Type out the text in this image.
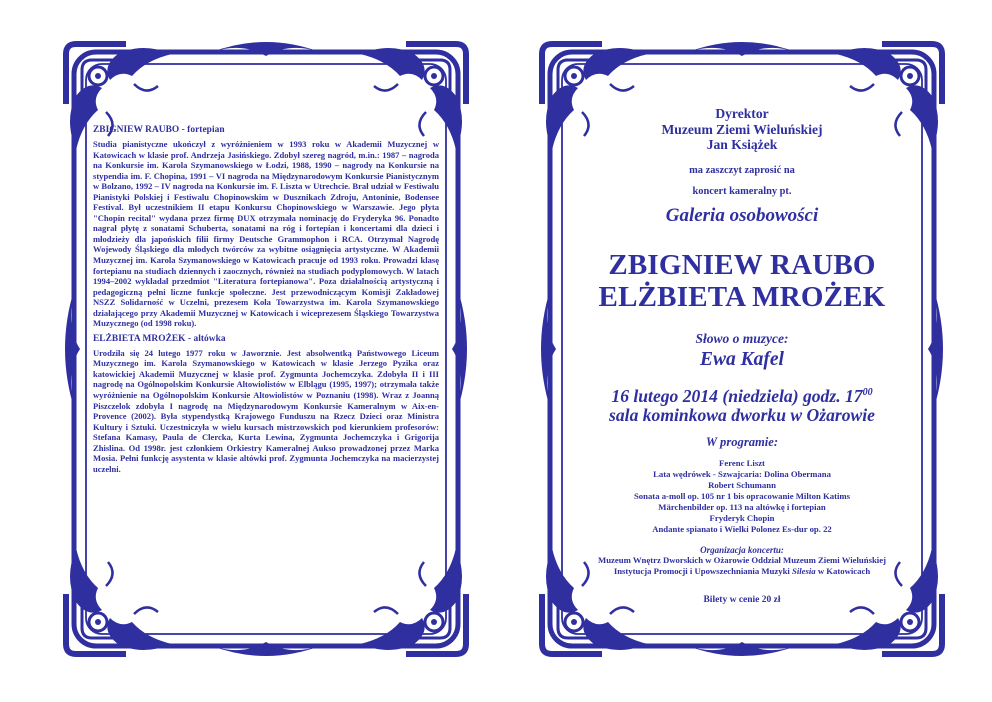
ZBIGNIEW RAUBO - fortepian

Studia pianistyczne ukończył z wyróżnieniem w 1993 roku w Akademii Muzycznej w Katowicach w klasie prof. Andrzeja Jasińskiego. Zdobył szereg nagród, m.in.: 1987 – nagroda na Konkursie im. Karola Szymanowskiego w Łodzi, 1988, 1990 – nagrody na Konkursie na stypendia im. F. Chopina, 1991 – VI nagroda na Międzynarodowym Konkursie Pianistycznym w Bolzano, 1992 – IV nagroda na Konkursie im. F. Liszta w Utrechcie. Brał udział w Festiwalu Pianistyki Polskiej i Festiwalu Chopinowskim w Dusznikach Zdroju, Antoninie, Bodensee Festival. Był uczestnikiem II etapu Konkursu Chopinowskiego w Warszawie. Jego płyta "Chopin recital" wydana przez firmę DUX otrzymała nominację do Fryderyka 96. Ponadto nagrał płytę z sonatami Schuberta, sonatami na róg i fortepian i koncertami dla dzieci i młodzieży dla japońskich filii firmy Deutsche Grammophon i RCA. Otrzymał Nagrodę Wojewody Śląskiego dla młodych twórców za wybitne osiągnięcia artystyczne. W Akademii Muzycznej im. Karola Szymanowskiego w Katowicach pracuje od 1993 roku. Prowadzi klasę fortepianu na studiach dziennych i zaocznych, również na studiach podyplomowych. W latach 1994–2002 wykładał przedmiot "Literatura fortepianowa". Poza działalnością artystyczną i pedagogiczną pełni liczne funkcje społeczne. Jest przewodniczącym Komisji Zakładowej NSZZ Solidarność w Uczelni, prezesem Koła Towarzystwa im. Karola Szymanowskiego działającego przy Akademii Muzycznej w Katowicach i wiceprezesem Śląskiego Towarzystwa Muzycznego (od 1998 roku).

ELŻBIETA MROŻEK - altówka

Urodziła się 24 lutego 1977 roku w Jaworznie. Jest absolwentką Państwowego Liceum Muzycznego im. Karola Szymanowskiego w Katowicach w klasie Jerzego Pyzika oraz katowickiej Akademii Muzycznej w klasie prof. Zygmunta Jochemczyka. Zdobyła II i III nagrodę na Ogólnopolskim Konkursie Altowiolistów w Elblągu (1995, 1997); otrzymała także wyróżnienie na Ogólnopolskim Konkursie Altowiolistów w Poznaniu (1998). Wraz z Joanną Piszczelok zdobyła I nagrodę na Międzynarodowym Konkursie Kameralnym w Aix-en-Provence (2002). Była stypendystką Krajowego Funduszu na Rzecz Dzieci oraz Ministra Kultury i Sztuki. Uczestniczyła w wielu kursach mistrzowskich pod kierunkiem profesorów: Stefana Kamasy, Paula de Clercka, Kurta Lewina, Zygmunta Jochemczyka i Grigorija Zhislina. Od 1998r. jest członkiem Orkiestry Kameralnej Aukso prowadzonej przez Marka Mosia. Pełni funkcję asystenta w klasie altówki prof. Zygmunta Jochemczyka na macierzystej uczelni.

Dyrektor
Muzeum Ziemi Wieluńskiej
Jan Książek
ma zaszczyt zaprosić na
koncert kameralny pt.
Galeria osobowości
ZBIGNIEW RAUBO
ELŻBIETA MROŻEK
Słowo o muzyce:
Ewa Kafel
16 lutego 2014 (niedziela) godz. $17^{00}$
sala kominkowa dworku w Ożarowie
W programie:
Ferenc Liszt
Lata wędrówek - Szwajcaria: Dolina Obermana
Robert Schumann
Sonata a-moll op. 105 nr 1 bis opracowanie Milton Katims
Märchenbilder op. 113 na altówkę i fortepian
Fryderyk Chopin
Andante spianato i Wielki Polonez Es-dur op. 22
Organizacja koncertu:
Muzeum Wnętrz Dworskich w Ożarowie Oddział Muzeum Ziemi Wieluńskiej
Instytucja Promocji i Upowszechniania Muzyki Silesia w Katowicach
Bilety w cenie 20 zł
